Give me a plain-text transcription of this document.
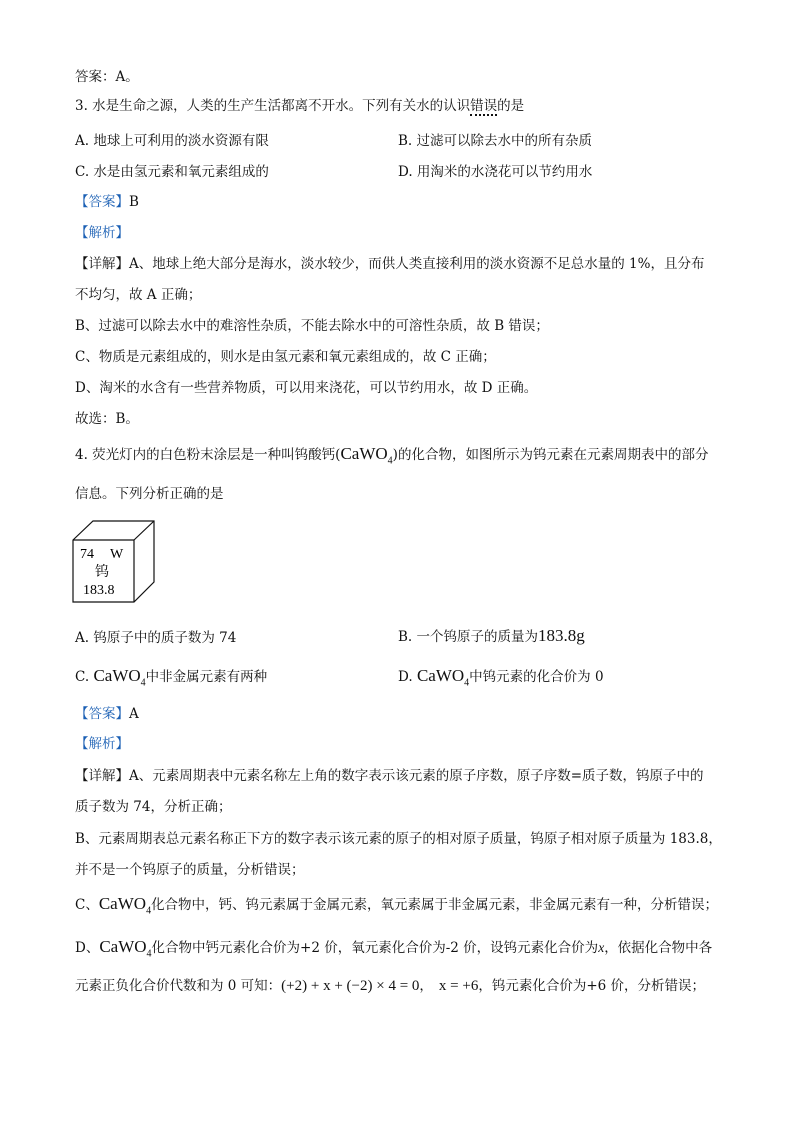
答案：A。
3. 水是生命之源，人类的生产生活都离不开水。下列有关水的认识错误的是
A. 地球上可利用的淡水资源有限	B. 过滤可以除去水中的所有杂质
C. 水是由氢元素和氧元素组成的	D. 用淘米的水浇花可以节约用水
【答案】B
【解析】
【详解】A、地球上绝大部分是海水，淡水较少，而供人类直接利用的淡水资源不足总水量的 1%，且分布
不均匀，故 A 正确；
B、过滤可以除去水中的难溶性杂质，不能去除水中的可溶性杂质，故 B 错误；
C、物质是元素组成的，则水是由氢元素和氧元素组成的，故 C 正确；
D、淘米的水含有一些营养物质，可以用来浇花，可以节约用水，故 D 正确。
故选：B。
4. 荧光灯内的白色粉末涂层是一种叫钨酸钙(CaWO$_4$)的化合物，如图所示为钨元素在元素周期表中的部分
信息。下列分析正确的是
74 W
钨
183.8
A. 钨原子中的质子数为 74	B. 一个钨原子的质量为183.8g
C. CaWO$_4$中非金属元素有两种	D. CaWO$_4$中钨元素的化合价为 0
【答案】A
【解析】
【详解】A、元素周期表中元素名称左上角的数字表示该元素的原子序数，原子序数=质子数，钨原子中的
质子数为 74，分析正确；
B、元素周期表总元素名称正下方的数字表示该元素的原子的相对原子质量，钨原子相对原子质量为 183.8，
并不是一个钨原子的质量，分析错误；
C、CaWO$_4$化合物中，钙、钨元素属于金属元素，氧元素属于非金属元素，非金属元素有一种，分析错误；
D、CaWO$_4$化合物中钙元素化合价为+2 价，氧元素化合价为-2 价，设钨元素化合价为x，依据化合物中各
元素正负化合价代数和为 0 可知：(+2) + x + (−2) × 4 = 0， x = +6，钨元素化合价为+6 价，分析错误；
